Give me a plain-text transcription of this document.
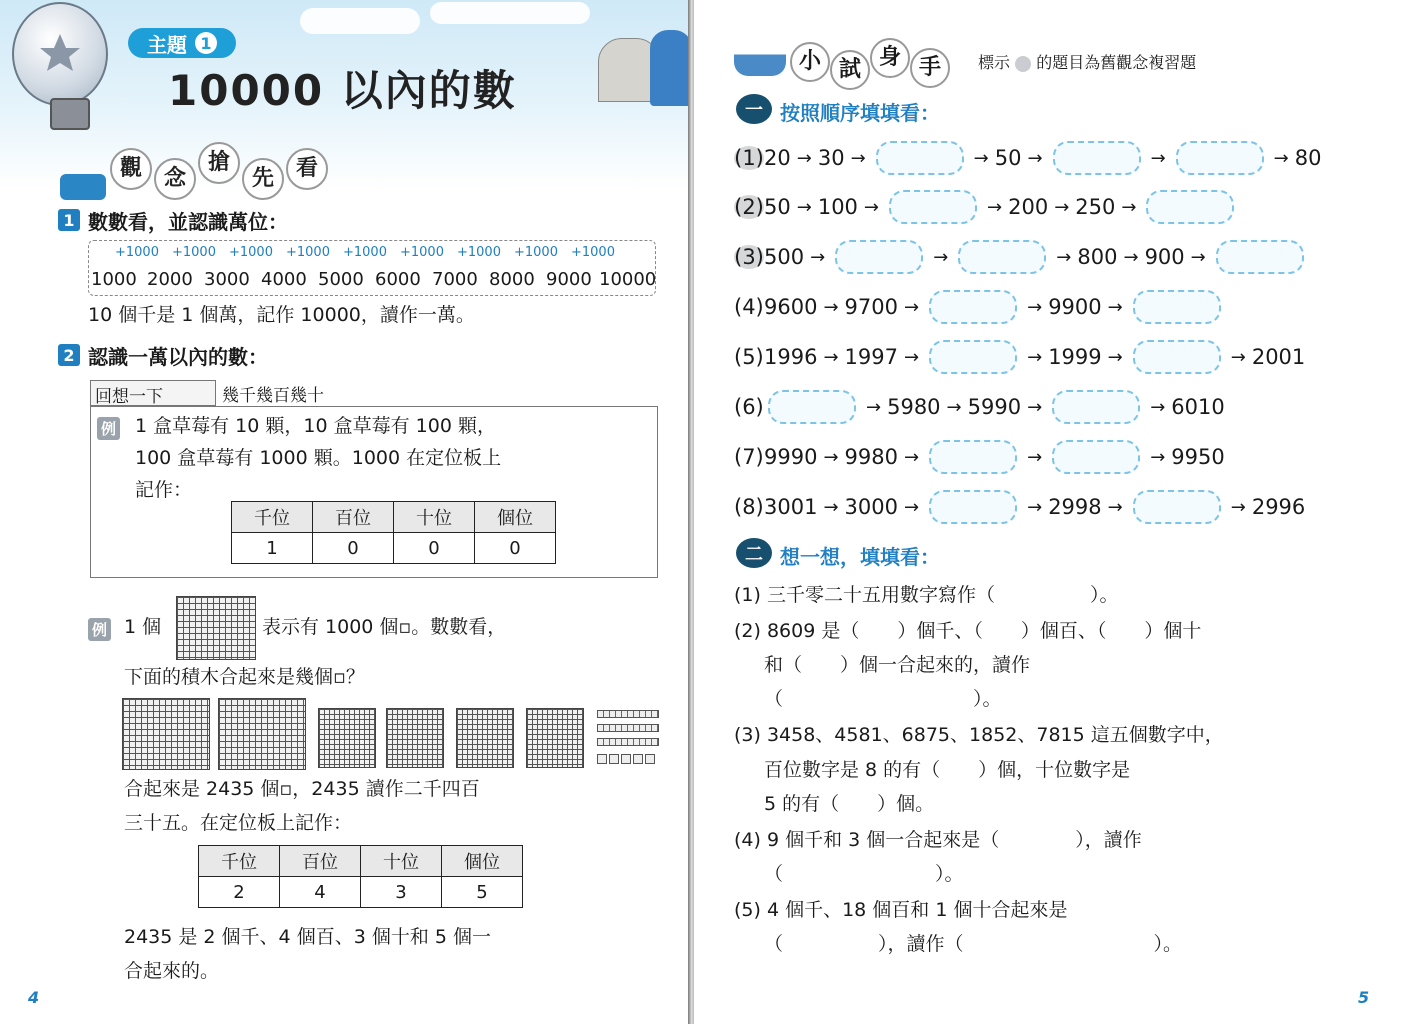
主題 1
10000 以內的數
觀 念搶先 看
1 數數看，並認識萬位：
+1000 +1000 +1000 +1000 +1000 +1000 +1000 +1000 +1000
1000 2000 3000 4000 5000 6000 7000 8000 9000 10000
10 個千是 1 個萬，記作 10000，讀作一萬。
2 認識一萬以內的數：
回想一下	幾千幾百幾十
例 1 盒草莓有 10 顆，10 盒草莓有 100 顆，
100 盒草莓有 1000 顆。1000 在定位板上
記作：
千位	百位	十位	個位
1	0	0	0
例 1 個	表示有 1000 個▫。數數看，
下面的積木合起來是幾個▫？
合起來是 2435 個▫，2435 讀作二千四百
三十五。在定位板上記作：
千位	百位	十位	個位
2	4	3	5
2435 是 2 個千、4 個百、3 個十和 5 個一
合起來的。
4
小 試 身 手	標示 的題目為舊觀念複習題
一 按照順序填填看：
(1) 20 → 30 →	→ 50 →	→	→ 80
(2) 50 → 100 →	→ 200 → 250 →
(3) 500 →	→	→ 800 → 900 →
(4) 9600 → 9700 →	→ 9900 →
(5) 1996 → 1997 →	→ 1999 →	→ 2001
(6)	→ 5980 → 5990 →	→ 6010
(7) 9990 → 9980 →	→	→ 9950
(8) 3001 → 3000 →	→ 2998 →	→ 2996
二 想一想，填填看：
(1) 三千零二十五用數字寫作（　　　　　）。
(2) 8609 是（　　）個千、（　　）個百、（　　）個十
和（　　）個一合起來的，讀作
（　　　　　　　　　　）。
(3) 3458、4581、6875、1852、7815 這五個數字中，
百位數字是 8 的有（　　）個，十位數字是
5 的有（　　）個。
(4) 9 個千和 3 個一合起來是（　　　　），讀作
（　　　　　　　　）。
(5) 4 個千、18 個百和 1 個十合起來是
（　　　　　），讀作（　　　　　　　　　　）。
5
